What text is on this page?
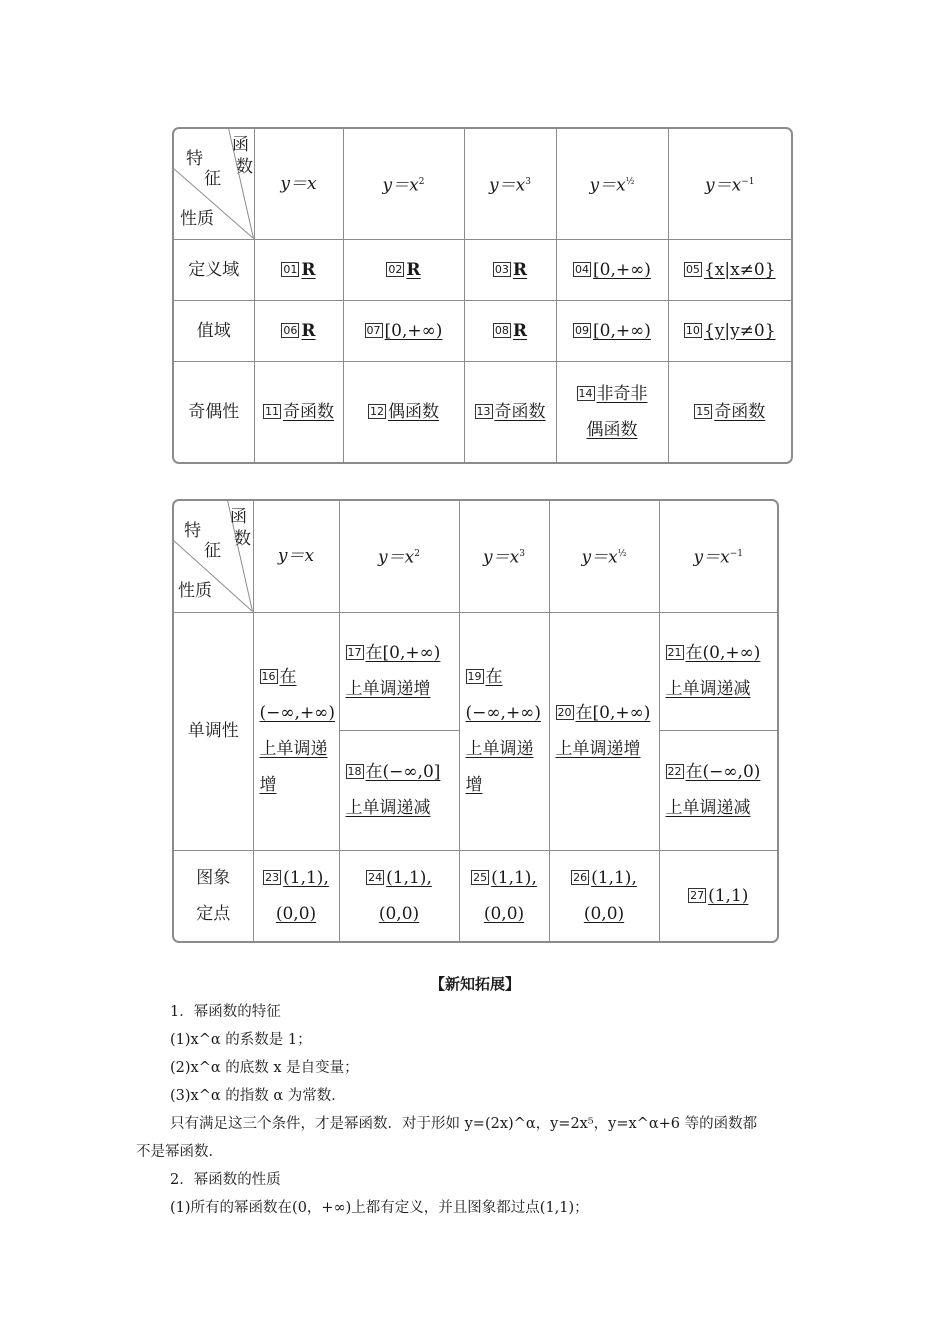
特
征
性质
函
数	y＝x	$y=x^2$	$y=x^3$	$y=x^{\frac{1}{2}}$	$y=x^{-1}$
定义域	01 R	02 R	03 R	04 [0,+∞)	05 {x|x≠0}
值域	06 R	07 [0,+∞)	08 R	09 [0,+∞)	10 {y|y≠0}
奇偶性	11 奇函数	12 偶函数	13 奇函数	14 非奇非偶函数	15 奇函数
特
征
性质
函
数	y＝x	$y=x^2$	$y=x^3$	$y=x^{\frac{1}{2}}$	$y=x^{-1}$
单调性	16 在(−∞,+∞)上单调递增	17 在[0,+∞)上单调递增	19 在(−∞,+∞)上单调递增	20 在[0,+∞)上单调递增	21 在(0,+∞)上单调递减
		18 在(−∞,0]上单调递减			22 在(−∞,0)上单调递减
图象定点	23 (1,1),(0,0)	24 (1,1),(0,0)	25 (1,1),(0,0)	26 (1,1),(0,0)	27 (1,1)
【新知拓展】

1．幂函数的特征

(1)x^α 的系数是 1；

(2)x^α 的底数 x 是自变量；

(3)x^α 的指数 α 为常数．

只有满足这三个条件，才是幂函数．对于形如 y=(2x)^α，y=2x⁵，y=x^α+6 等的函数都

不是幂函数．

2．幂函数的性质

(1)所有的幂函数在(0，+∞)上都有定义，并且图象都过点(1,1)；
